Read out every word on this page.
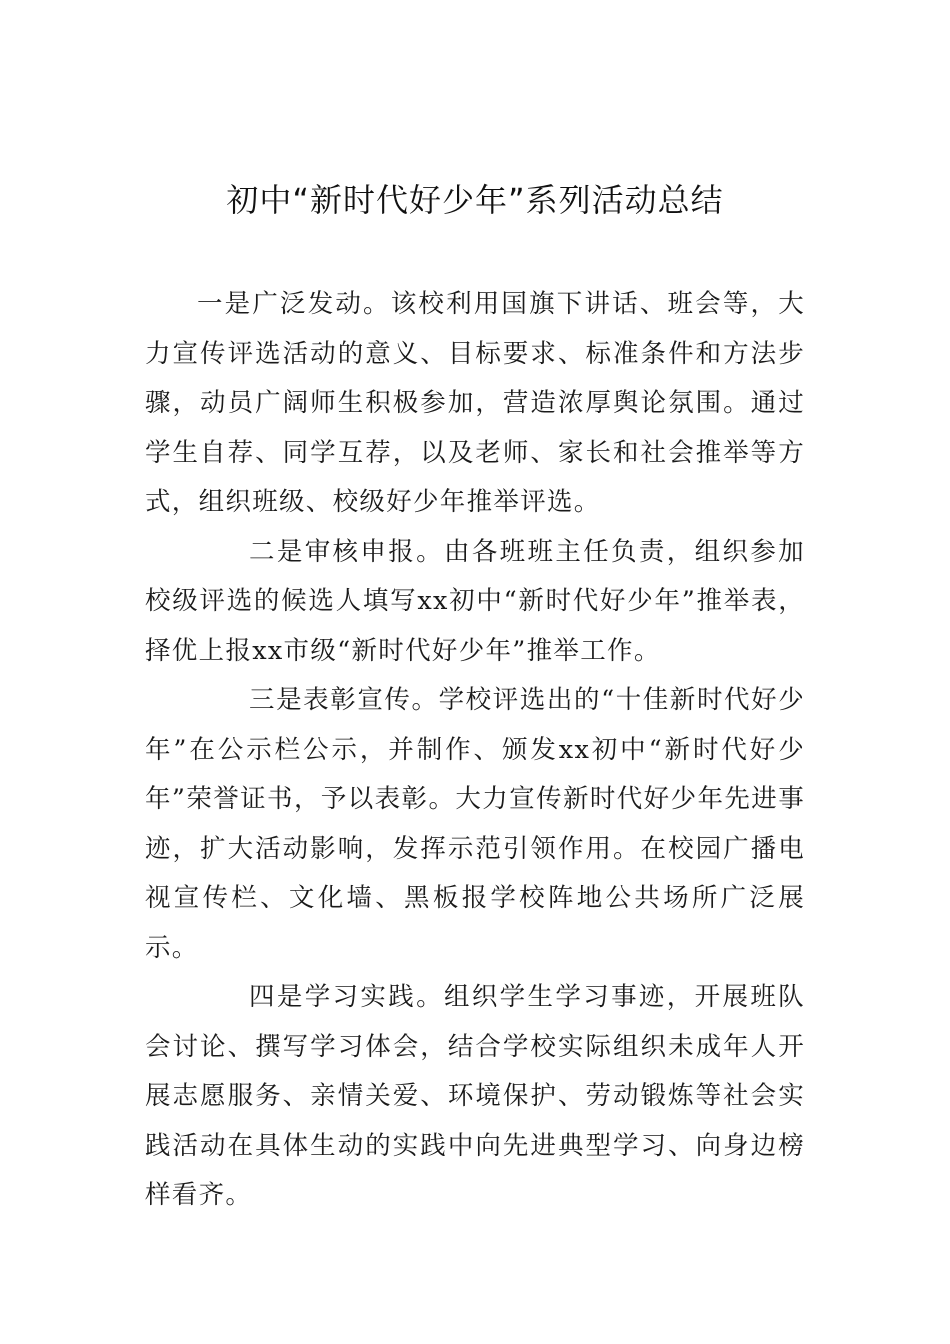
初中“新时代好少年”系列活动总结

一是广泛发动。该校利用国旗下讲话、班会等，大力宣传评选活动的意义、目标要求、标准条件和方法步骤，动员广阔师生积极参加，营造浓厚舆论氛围。通过学生自荐、同学互荐，以及老师、家长和社会推举等方式，组织班级、校级好少年推举评选。

二是审核申报。由各班班主任负责，组织参加校级评选的候选人填写xx初中“新时代好少年”推举表，择优上报xx市级“新时代好少年”推举工作。

三是表彰宣传。学校评选出的“十佳新时代好少年”在公示栏公示，并制作、颁发xx初中“新时代好少年”荣誉证书，予以表彰。大力宣传新时代好少年先进事迹，扩大活动影响，发挥示范引领作用。在校园广播电视宣传栏、文化墙、黑板报学校阵地公共场所广泛展示。

四是学习实践。组织学生学习事迹，开展班队会讨论、撰写学习体会，结合学校实际组织未成年人开展志愿服务、亲情关爱、环境保护、劳动锻炼等社会实践活动在具体生动的实践中向先进典型学习、向身边榜样看齐。
